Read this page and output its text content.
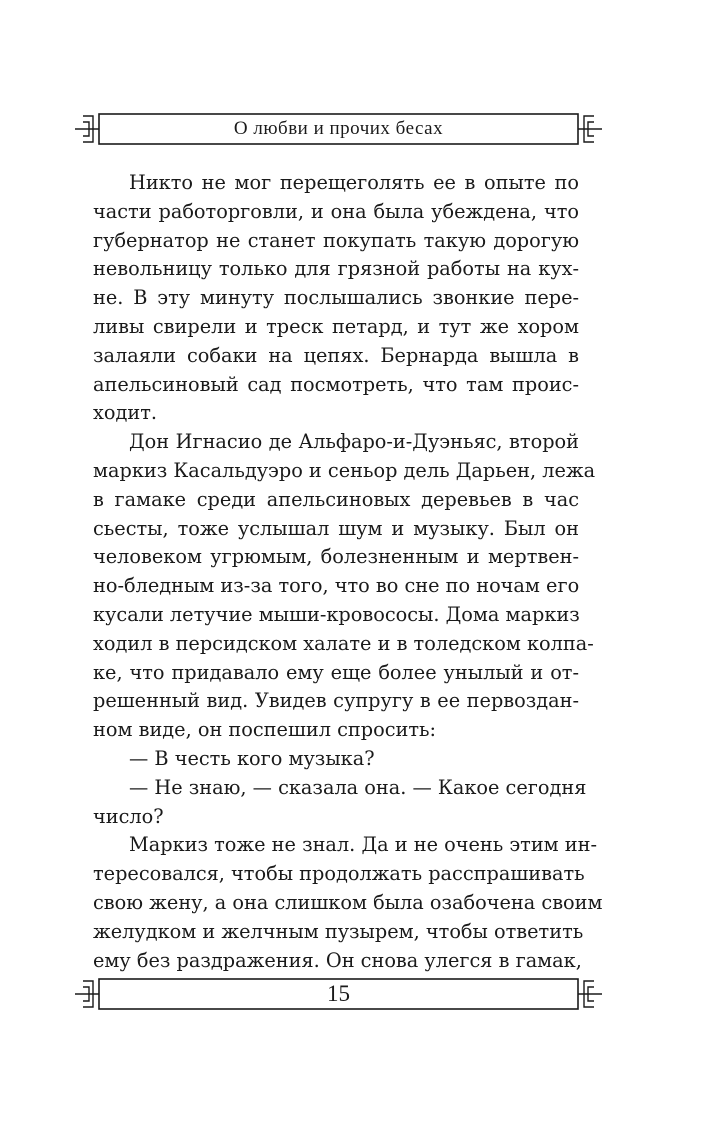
О любви и прочих бесах
Никто не мог перещеголять ее в опыте по
части работорговли, и она была убеждена, что
губернатор не станет покупать такую дорогую
невольницу только для грязной работы на кух-
не. В эту минуту послышались звонкие пере-
ливы свирели и треск петард, и тут же хором
залаяли собаки на цепях. Бернарда вышла в
апельсиновый сад посмотреть, что там проис-
ходит.
Дон Игнасио де Альфаро-и-Дуэньяс, второй
маркиз Касальдуэро и сеньор дель Дарьен, лежа
в гамаке среди апельсиновых деревьев в час
сьесты, тоже услышал шум и музыку. Был он
человеком угрюмым, болезненным и мертвен-
но-бледным из-за того, что во сне по ночам его
кусали летучие мыши-кровососы. Дома маркиз
ходил в персидском халате и в толедском колпа-
ке, что придавало ему еще более унылый и от-
решенный вид. Увидев супругу в ее первоздан-
ном виде, он поспешил спросить:
— В честь кого музыка?
— Не знаю, — сказала она. — Какое сегодня
число?
Маркиз тоже не знал. Да и не очень этим ин-
тересовался, чтобы продолжать расспрашивать
свою жену, а она слишком была озабочена своим
желудком и желчным пузырем, чтобы ответить
ему без раздражения. Он снова улегся в гамак,
15
